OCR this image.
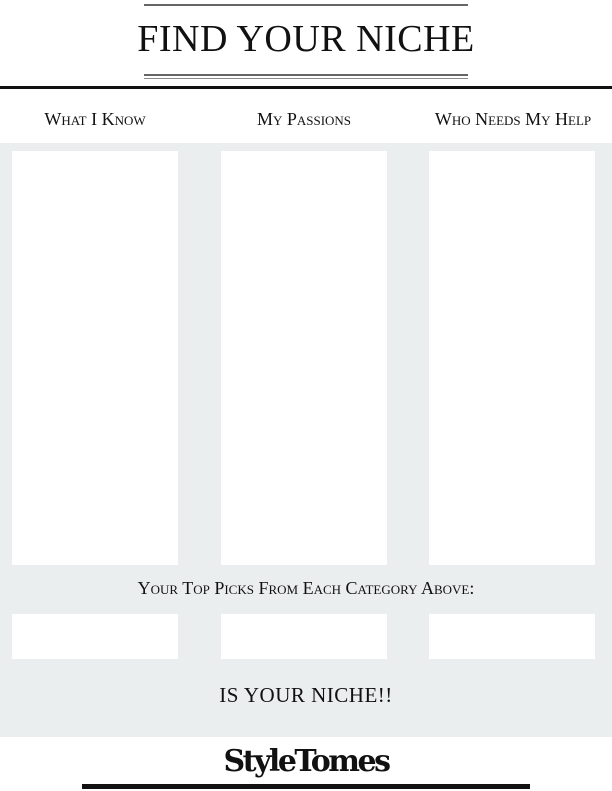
FIND YOUR NICHE
What I Know	My Passions	Who Needs My Help
Your Top Picks From Each Category Above:
IS YOUR NICHE!!
StyleTomes
